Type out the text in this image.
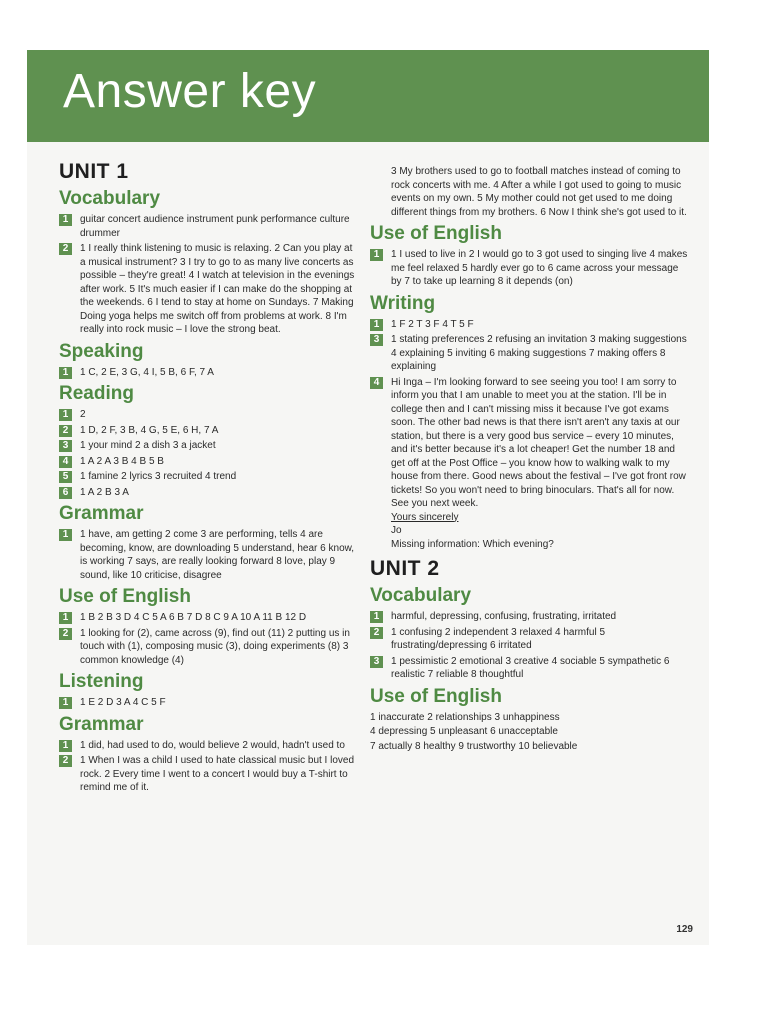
Answer key
UNIT 1
Vocabulary
1	guitar concert audience instrument punk performance culture drummer
2	1 I really think listening to music is relaxing. 2 Can you play at a musical instrument? 3 I try to go to as many live concerts as possible – they're great! 4 I watch at television in the evenings after work. 5 It's much easier if I can make do the shopping at the weekends. 6 I tend to stay at home on Sundays. 7 Making Doing yoga helps me switch off from problems at work. 8 I'm really into rock music – I love the strong beat.
Speaking
1	1 C, 2 E, 3 G, 4 I, 5 B, 6 F, 7 A
Reading
1	2
2	1 D, 2 F, 3 B, 4 G, 5 E, 6 H, 7 A
3	1 your mind 2 a dish 3 a jacket
4	1 A 2 A 3 B 4 B 5 B
5	1 famine 2 lyrics 3 recruited 4 trend
6	1 A 2 B 3 A
Grammar
1	1 have, am getting 2 come 3 are performing, tells 4 are becoming, know, are downloading 5 understand, hear 6 know, is working 7 says, are really looking forward 8 love, play 9 sound, like 10 criticise, disagree
Use of English
1	1 B 2 B 3 D 4 C 5 A 6 B 7 D 8 C 9 A 10 A 11 B 12 D
2	1 looking for (2), came across (9), find out (11) 2 putting us in touch with (1), composing music (3), doing experiments (8) 3 common knowledge (4)
Listening
1	1 E 2 D 3 A 4 C 5 F
Grammar
1	1 did, had used to do, would believe 2 would, hadn't used to
2	1 When I was a child I used to hate classical music but I loved rock. 2 Every time I went to a concert I would buy a T-shirt to remind me of it.
3 My brothers used to go to football matches instead of coming to rock concerts with me. 4 After a while I got used to going to music events on my own. 5 My mother could not get used to me doing different things from my brothers. 6 Now I think she's got used to it.
Use of English
1	1 I used to live in 2 I would go to 3 got used to singing live 4 makes me feel relaxed 5 hardly ever go to 6 came across your message by 7 to take up learning 8 it depends (on)
Writing
1	1 F 2 T 3 F 4 T 5 F
3	1 stating preferences 2 refusing an invitation 3 making suggestions 4 explaining 5 inviting 6 making suggestions 7 making offers 8 explaining
4	Hi Inga – I'm looking forward to see seeing you too! I am sorry to inform you that I am unable to meet you at the station. I'll be in college then and I can't missing miss it because I've got exams soon. The other bad news is that there isn't aren't any taxis at our station, but there is a very good bus service – every 10 minutes, and it's better because it's a lot cheaper! Get the number 18 and get off at the Post Office – you know how to walking walk to my house from there. Good news about the festival – I've got front row tickets! So you won't need to bring binoculars. That's all for now. See you next week.
Yours sincerely
Jo
Missing information: Which evening?
UNIT 2
Vocabulary
1	harmful, depressing, confusing, frustrating, irritated
2	1 confusing 2 independent 3 relaxed 4 harmful 5 frustrating/depressing 6 irritated
3	1 pessimistic 2 emotional 3 creative 4 sociable 5 sympathetic 6 realistic 7 reliable 8 thoughtful
Use of English
1 inaccurate 2 relationships 3 unhappiness
4 depressing 5 unpleasant 6 unacceptable
7 actually 8 healthy 9 trustworthy 10 believable
129
